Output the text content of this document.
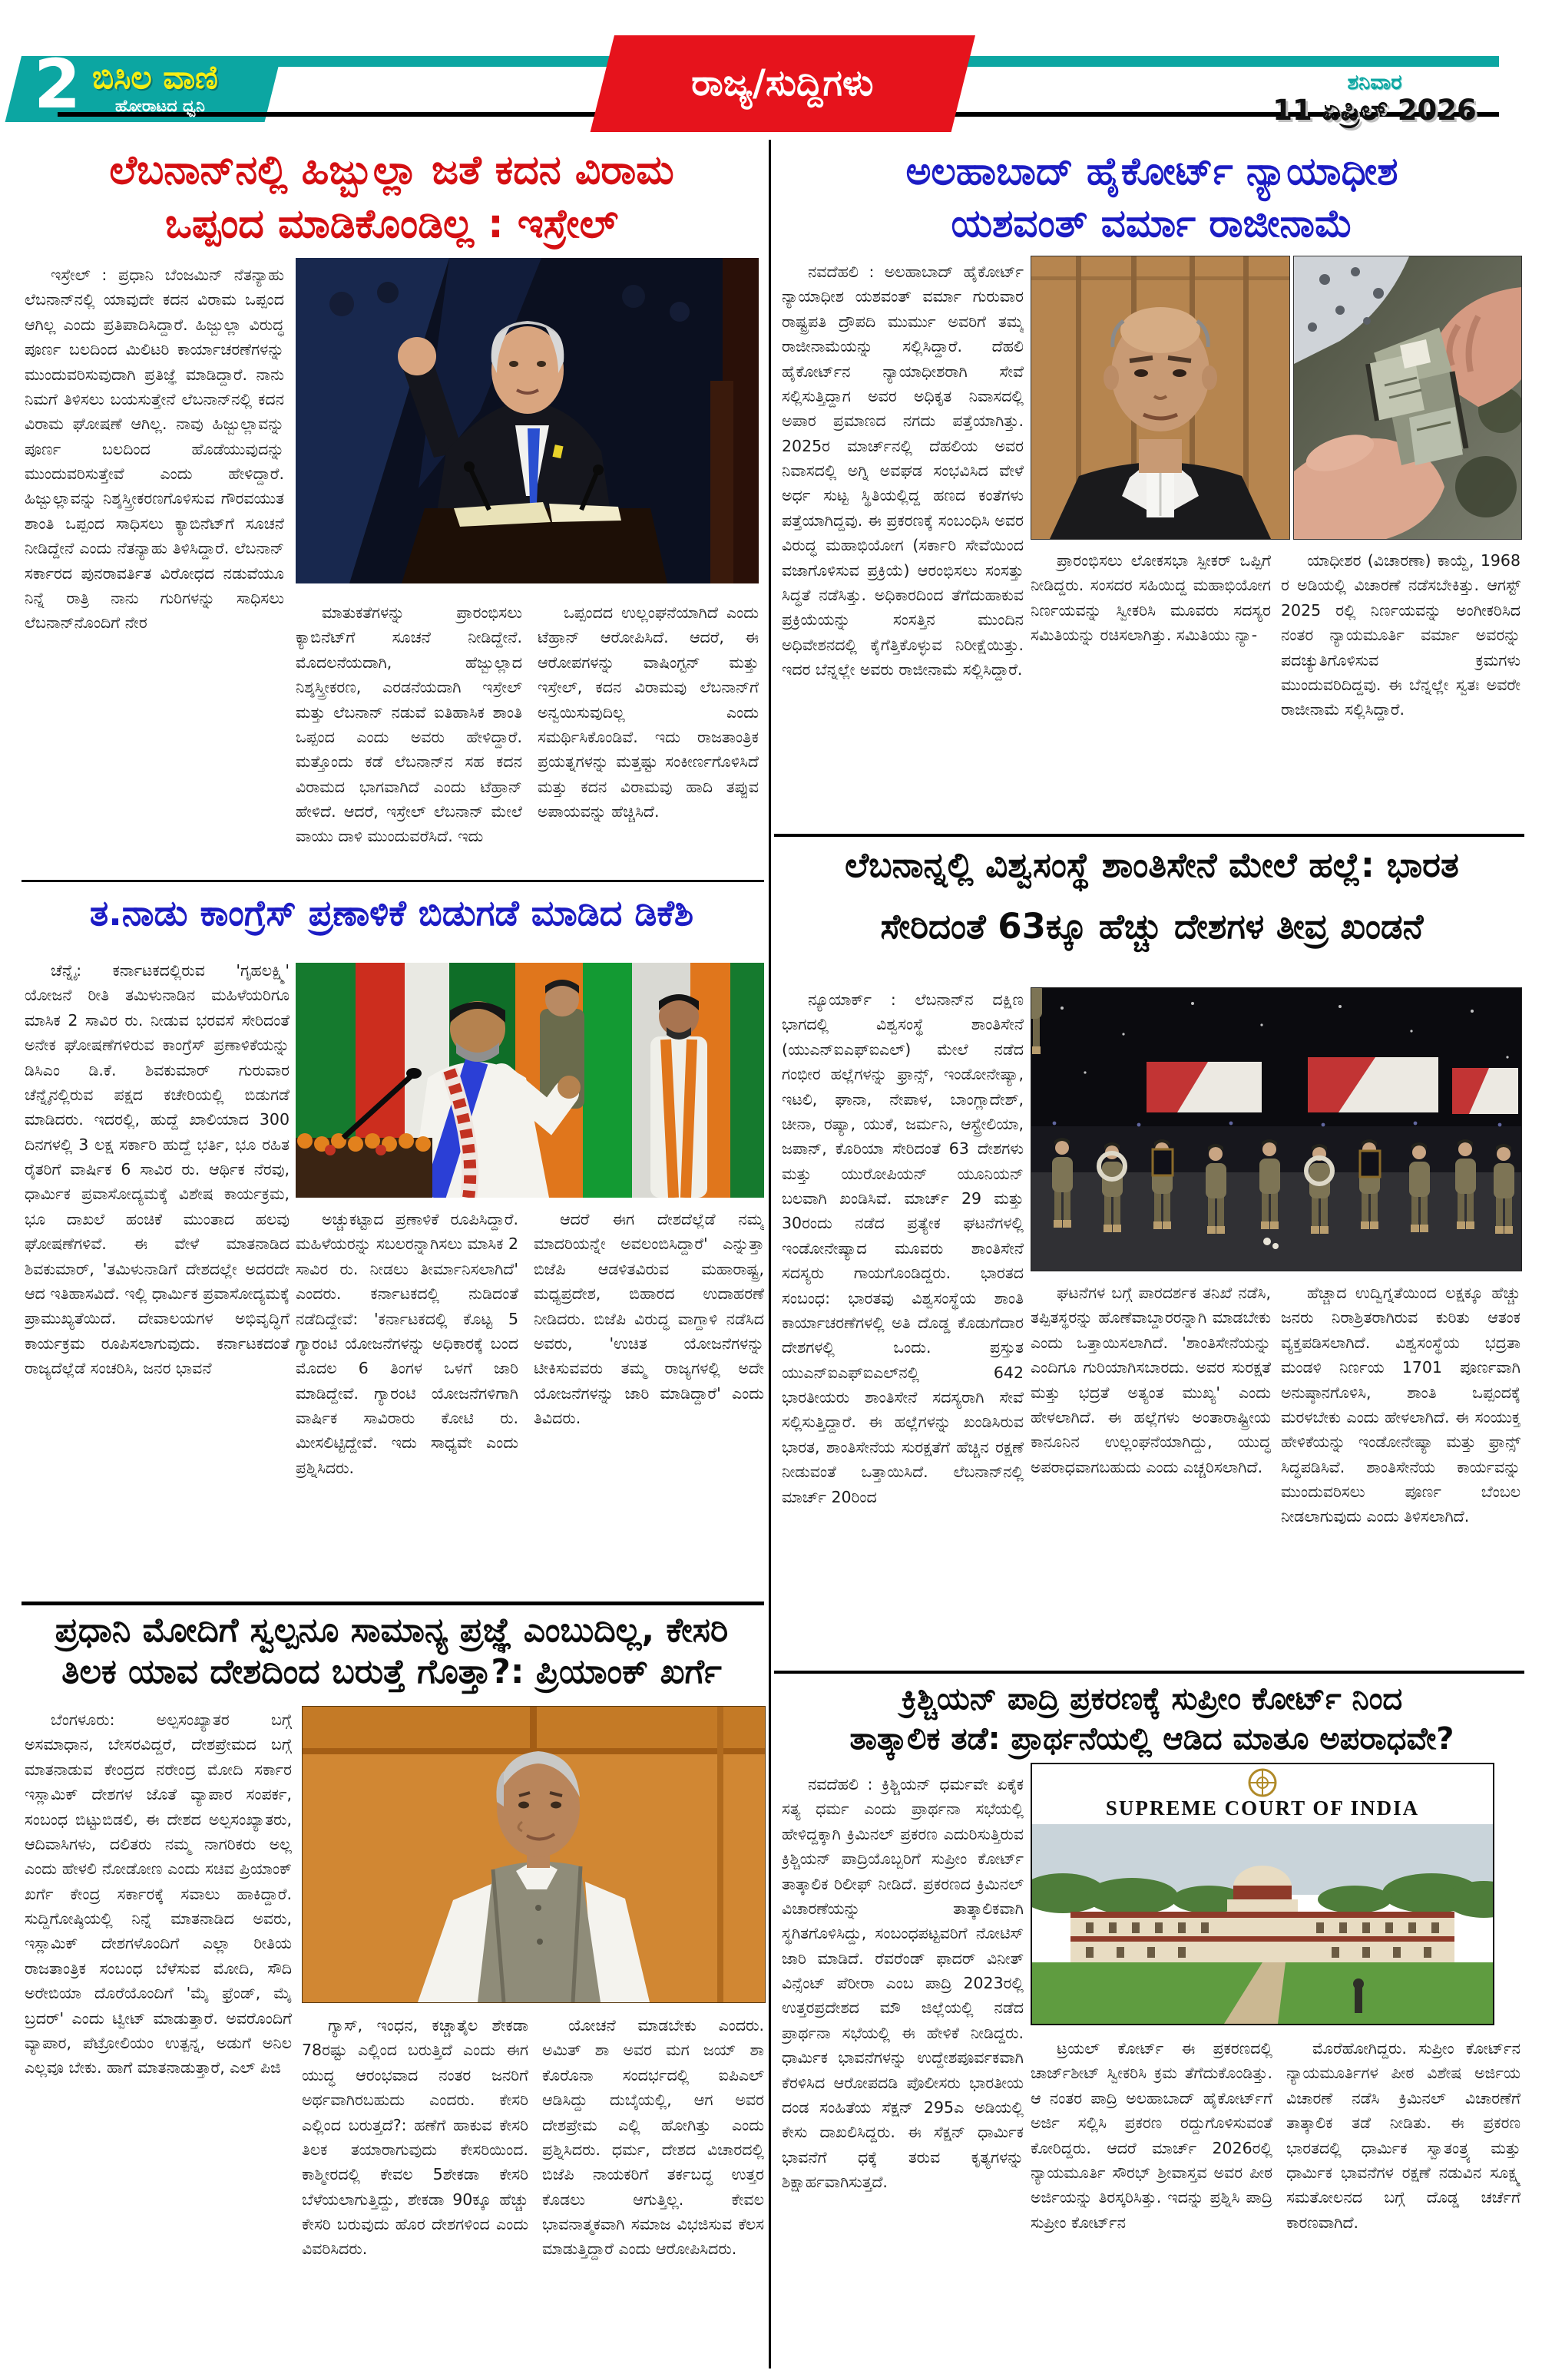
2 ಬಿಸಿಲ ವಾಣಿ
ಹೋರಾಟದ ಧ್ವನಿ
ರಾಜ್ಯ/ಸುದ್ದಿಗಳು	ಶನಿವಾರ
11 ಏಪ್ರಿಲ್ 2026
ಲೆಬನಾನ್‌ನಲ್ಲಿ ಹಿಜ್ಬುಲ್ಲಾ ಜತೆ ಕದನ ವಿರಾಮ
ಒಪ್ಪಂದ ಮಾಡಿಕೊಂಡಿಲ್ಲ : ಇಸ್ರೇಲ್
ಇಸ್ರೇಲ್ : ಪ್ರಧಾನಿ ಬೆಂಜಮಿನ್ ನೆತನ್ಯಾಹು ಲೆಬನಾನ್‌ನಲ್ಲಿ ಯಾವುದೇ ಕದನ ವಿರಾಮ ಒಪ್ಪಂದ ಆಗಿಲ್ಲ ಎಂದು ಪ್ರತಿಪಾದಿಸಿದ್ದಾರೆ. ಹಿಜ್ಬುಲ್ಲಾ ವಿರುದ್ಧ ಪೂರ್ಣ ಬಲದಿಂದ ಮಿಲಿಟರಿ ಕಾರ್ಯಾಚರಣೆಗಳನ್ನು ಮುಂದುವರಿಸುವುದಾಗಿ ಪ್ರತಿಜ್ಞೆ ಮಾಡಿದ್ದಾರೆ. ನಾನು ನಿಮಗೆ ತಿಳಿಸಲು ಬಯಸುತ್ತೇನೆ ಲೆಬನಾನ್‌ನಲ್ಲಿ ಕದನ ವಿರಾಮ ಘೋಷಣೆ ಆಗಿಲ್ಲ. ನಾವು ಹಿಜ್ಬುಲ್ಲಾವನ್ನು ಪೂರ್ಣ ಬಲದಿಂದ ಹೊಡೆಯುವುದನ್ನು ಮುಂದುವರಿಸುತ್ತೇವೆ ಎಂದು ಹೇಳಿದ್ದಾರೆ. ಹಿಜ್ಬುಲ್ಲಾವನ್ನು ನಿಶ್ಶಸ್ತ್ರೀಕರಣಗೊಳಿಸುವ ಗೌರವಯುತ ಶಾಂತಿ ಒಪ್ಪಂದ ಸಾಧಿಸಲು ಕ್ಯಾಬಿನೆಟ್‌ಗೆ ಸೂಚನೆ ನೀಡಿದ್ದೇನೆ ಎಂದು ನೆತನ್ಯಾಹು ತಿಳಿಸಿದ್ದಾರೆ. ಲೆಬನಾನ್ ಸರ್ಕಾರದ ಪುನರಾವರ್ತಿತ ವಿರೋಧದ ನಡುವೆಯೂ ನಿನ್ನೆ ರಾತ್ರಿ ನಾನು ಗುರಿಗಳನ್ನು ಸಾಧಿಸಲು ಲೆಬನಾನ್‌ನೊಂದಿಗೆ ನೇರ
ಮಾತುಕತೆಗಳನ್ನು ಪ್ರಾರಂಭಿಸಲು ಕ್ಯಾಬಿನೆಟ್‌ಗೆ ಸೂಚನೆ ನೀಡಿದ್ದೇನೆ. ಮೊದಲನೆಯದಾಗಿ, ಹೆಜ್ಬುಲ್ಲಾದ ನಿಶ್ಶಸ್ತ್ರೀಕರಣ, ಎರಡನೆಯದಾಗಿ ಇಸ್ರೇಲ್ ಮತ್ತು ಲೆಬನಾನ್ ನಡುವೆ ಐತಿಹಾಸಿಕ ಶಾಂತಿ ಒಪ್ಪಂದ ಎಂದು ಅವರು ಹೇಳಿದ್ದಾರೆ. ಮತ್ತೊಂದು ಕಡೆ ಲೆಬನಾನ್‌ನ ಸಹ ಕದನ ವಿರಾಮದ ಭಾಗವಾಗಿದೆ ಎಂದು ಟೆಹ್ರಾನ್ ಹೇಳಿದೆ. ಆದರೆ, ಇಸ್ರೇಲ್ ಲೆಬನಾನ್ ಮೇಲೆ ವಾಯು ದಾಳಿ ಮುಂದುವರೆಸಿದೆ. ಇದು
ಒಪ್ಪಂದದ ಉಲ್ಲಂಘನೆಯಾಗಿದೆ ಎಂದು ಟೆಹ್ರಾನ್ ಆರೋಪಿಸಿದೆ. ಆದರೆ, ಈ ಆರೋಪಗಳನ್ನು ವಾಷಿಂಗ್ಟನ್ ಮತ್ತು ಇಸ್ರೇಲ್, ಕದನ ವಿರಾಮವು ಲೆಬನಾನ್‌ಗೆ ಅನ್ವಯಿಸುವುದಿಲ್ಲ ಎಂದು ಸಮರ್ಥಿಸಿಕೊಂಡಿವೆ. ಇದು ರಾಜತಾಂತ್ರಿಕ ಪ್ರಯತ್ನಗಳನ್ನು ಮತ್ತಷ್ಟು ಸಂಕೀರ್ಣಗೊಳಿಸಿದೆ ಮತ್ತು ಕದನ ವಿರಾಮವು ಹಾದಿ ತಪ್ಪುವ ಅಪಾಯವನ್ನು ಹೆಚ್ಚಿಸಿದೆ.
ತ.ನಾಡು ಕಾಂಗ್ರೆಸ್ ಪ್ರಣಾಳಿಕೆ ಬಿಡುಗಡೆ ಮಾಡಿದ ಡಿಕೆಶಿ
ಚೆನ್ನೈ: ಕರ್ನಾಟಕದಲ್ಲಿರುವ 'ಗೃಹಲಕ್ಷ್ಮಿ' ಯೋಜನೆ ರೀತಿ ತಮಿಳುನಾಡಿನ ಮಹಿಳೆಯರಿಗೂ ಮಾಸಿಕ 2 ಸಾವಿರ ರು. ನೀಡುವ ಭರವಸೆ ಸೇರಿದಂತೆ ಅನೇಕ ಘೋಷಣೆಗಳಿರುವ ಕಾಂಗ್ರೆಸ್ ಪ್ರಣಾಳಿಕೆಯನ್ನು ಡಿಸಿಎಂ ಡಿ.ಕೆ. ಶಿವಕುಮಾರ್ ಗುರುವಾರ ಚೆನ್ನೈನಲ್ಲಿರುವ ಪಕ್ಷದ ಕಚೇರಿಯಲ್ಲಿ ಬಿಡುಗಡೆ ಮಾಡಿದರು. ಇದರಲ್ಲಿ, ಹುದ್ದೆ ಖಾಲಿಯಾದ 300 ದಿನಗಳಲ್ಲಿ 3 ಲಕ್ಷ ಸರ್ಕಾರಿ ಹುದ್ದೆ ಭರ್ತಿ, ಭೂ ರಹಿತ ರೈತರಿಗೆ ವಾರ್ಷಿಕ 6 ಸಾವಿರ ರು. ಆರ್ಥಿಕ ನೆರವು, ಧಾರ್ಮಿಕ ಪ್ರವಾಸೋದ್ಯಮಕ್ಕೆ ವಿಶೇಷ ಕಾರ್ಯಕ್ರಮ, ಭೂ ದಾಖಲೆ ಹಂಚಿಕೆ ಮುಂತಾದ ಹಲವು ಘೋಷಣೆಗಳಿವೆ. ಈ ವೇಳೆ ಮಾತನಾಡಿದ ಶಿವಕುಮಾರ್, 'ತಮಿಳುನಾಡಿಗೆ ದೇಶದಲ್ಲೇ ಅದರದೇ ಆದ ಇತಿಹಾಸವಿದೆ. ಇಲ್ಲಿ ಧಾರ್ಮಿಕ ಪ್ರವಾಸೋದ್ಯಮಕ್ಕೆ ಪ್ರಾಮುಖ್ಯತೆಯಿದೆ. ದೇವಾಲಯಗಳ ಅಭಿವೃದ್ಧಿಗೆ ಕಾರ್ಯಕ್ರಮ ರೂಪಿಸಲಾಗುವುದು. ಕರ್ನಾಟಕದಂತೆ ರಾಜ್ಯದೆಲ್ಲೆಡೆ ಸಂಚರಿಸಿ, ಜನರ ಭಾವನೆ
ಅಚ್ಚುಕಟ್ಟಾದ ಪ್ರಣಾಳಿಕೆ ರೂಪಿಸಿದ್ದಾರೆ. ಮಹಿಳೆಯರನ್ನು ಸಬಲರನ್ನಾಗಿಸಲು ಮಾಸಿಕ 2 ಸಾವಿರ ರು. ನೀಡಲು ತೀರ್ಮಾನಿಸಲಾಗಿದೆ' ಎಂದರು. ಕರ್ನಾಟಕದಲ್ಲಿ ನುಡಿದಂತೆ ನಡೆದಿದ್ದೇವೆ: 'ಕರ್ನಾಟಕದಲ್ಲಿ ಕೊಟ್ಟ 5 ಗ್ಯಾರಂಟಿ ಯೋಜನೆಗಳನ್ನು ಅಧಿಕಾರಕ್ಕೆ ಬಂದ ಮೊದಲ 6 ತಿಂಗಳ ಒಳಗೆ ಜಾರಿ ಮಾಡಿದ್ದೇವೆ. ಗ್ಯಾರಂಟಿ ಯೋಜನೆಗಳಿಗಾಗಿ ವಾರ್ಷಿಕ ಸಾವಿರಾರು ಕೋಟಿ ರು. ಮೀಸಲಿಟ್ಟಿದ್ದೇವೆ. ಇದು ಸಾಧ್ಯವೇ ಎಂದು ಪ್ರಶ್ನಿಸಿದರು.
ಆದರೆ ಈಗ ದೇಶದೆಲ್ಲೆಡೆ ನಮ್ಮ ಮಾದರಿಯನ್ನೇ ಅವಲಂಬಿಸಿದ್ದಾರೆ' ಎನ್ನುತ್ತಾ ಬಿಜೆಪಿ ಆಡಳಿತವಿರುವ ಮಹಾರಾಷ್ಟ್ರ, ಮಧ್ಯಪ್ರದೇಶ, ಬಿಹಾರದ ಉದಾಹರಣೆ ನೀಡಿದರು. ಬಿಜೆಪಿ ವಿರುದ್ಧ ವಾಗ್ದಾಳಿ ನಡೆಸಿದ ಅವರು, 'ಉಚಿತ ಯೋಜನೆಗಳನ್ನು ಟೀಕಿಸುವವರು ತಮ್ಮ ರಾಜ್ಯಗಳಲ್ಲಿ ಅದೇ ಯೋಜನೆಗಳನ್ನು ಜಾರಿ ಮಾಡಿದ್ದಾರೆ' ಎಂದು ತಿವಿದರು.
ಪ್ರಧಾನಿ ಮೋದಿಗೆ ಸ್ವಲ್ಪನೂ ಸಾಮಾನ್ಯ ಪ್ರಜ್ಞೆ ಎಂಬುದಿಲ್ಲ, ಕೇಸರಿ
ತಿಲಕ ಯಾವ ದೇಶದಿಂದ ಬರುತ್ತೆ ಗೊತ್ತಾ?: ಪ್ರಿಯಾಂಕ್ ಖರ್ಗೆ
ಬೆಂಗಳೂರು: ಅಲ್ಪಸಂಖ್ಯಾತರ ಬಗ್ಗೆ ಅಸಮಾಧಾನ, ಬೇಸರವಿದ್ದರೆ, ದೇಶಪ್ರೇಮದ ಬಗ್ಗೆ ಮಾತನಾಡುವ ಕೇಂದ್ರದ ನರೇಂದ್ರ ಮೋದಿ ಸರ್ಕಾರ ಇಸ್ಲಾಮಿಕ್ ದೇಶಗಳ ಜೊತೆ ವ್ಯಾಪಾರ ಸಂಪರ್ಕ, ಸಂಬಂಧ ಬಿಟ್ಟುಬಿಡಲಿ, ಈ ದೇಶದ ಅಲ್ಪಸಂಖ್ಯಾತರು, ಆದಿವಾಸಿಗಳು, ದಲಿತರು ನಮ್ಮ ನಾಗರಿಕರು ಅಲ್ಲ ಎಂದು ಹೇಳಲಿ ನೋಡೋಣ ಎಂದು ಸಚಿವ ಪ್ರಿಯಾಂಕ್ ಖರ್ಗೆ ಕೇಂದ್ರ ಸರ್ಕಾರಕ್ಕೆ ಸವಾಲು ಹಾಕಿದ್ದಾರೆ. ಸುದ್ದಿಗೋಷ್ಠಿಯಲ್ಲಿ ನಿನ್ನೆ ಮಾತನಾಡಿದ ಅವರು, ಇಸ್ಲಾಮಿಕ್ ದೇಶಗಳೊಂದಿಗೆ ಎಲ್ಲಾ ರೀತಿಯ ರಾಜತಾಂತ್ರಿಕ ಸಂಬಂಧ ಬೆಳೆಸುವ ಮೋದಿ, ಸೌದಿ ಅರೇಬಿಯಾ ದೊರೆಯೊಂದಿಗೆ 'ಮೈ ಫ್ರೆಂಡ್, ಮೈ ಬ್ರದರ್' ಎಂದು ಟ್ವೀಟ್ ಮಾಡುತ್ತಾರೆ. ಅವರೊಂದಿಗೆ ವ್ಯಾಪಾರ, ಪೆಟ್ರೋಲಿಯಂ ಉತ್ಪನ್ನ, ಅಡುಗೆ ಅನಿಲ ಎಲ್ಲವೂ ಬೇಕು. ಹಾಗೆ ಮಾತನಾಡುತ್ತಾರೆ, ಎಲ್ ಪಿಜಿ
ಗ್ಯಾಸ್, ಇಂಧನ, ಕಚ್ಚಾತೈಲ ಶೇಕಡಾ 78ರಷ್ಟು ಎಲ್ಲಿಂದ ಬರುತ್ತಿದೆ ಎಂದು ಈಗ ಯುದ್ಧ ಆರಂಭವಾದ ನಂತರ ಜನರಿಗೆ ಅರ್ಥವಾಗಿರಬಹುದು ಎಂದರು. ಕೇಸರಿ ಎಲ್ಲಿಂದ ಬರುತ್ತದೆ?: ಹಣೆಗೆ ಹಾಕುವ ಕೇಸರಿ ತಿಲಕ ತಯಾರಾಗುವುದು ಕೇಸರಿಯಿಂದ. ಕಾಶ್ಮೀರದಲ್ಲಿ ಕೇವಲ 5ಶೇಕಡಾ ಕೇಸರಿ ಬೆಳೆಯಲಾಗುತ್ತಿದ್ದು, ಶೇಕಡಾ 90ಕ್ಕೂ ಹೆಚ್ಚು ಕೇಸರಿ ಬರುವುದು ಹೊರ ದೇಶಗಳಿಂದ ಎಂದು ವಿವರಿಸಿದರು.
ಯೋಚನೆ ಮಾಡಬೇಕು ಎಂದರು. ಅಮಿತ್ ಶಾ ಅವರ ಮಗ ಜಯ್ ಶಾ ಕೊರೊನಾ ಸಂದರ್ಭದಲ್ಲಿ ಐಪಿಎಲ್ ಆಡಿಸಿದ್ದು ದುಬೈಯಲ್ಲಿ, ಆಗ ಅವರ ದೇಶಪ್ರೇಮ ಎಲ್ಲಿ ಹೋಗಿತ್ತು ಎಂದು ಪ್ರಶ್ನಿಸಿದರು. ಧರ್ಮ, ದೇಶದ ವಿಚಾರದಲ್ಲಿ ಬಿಜೆಪಿ ನಾಯಕರಿಗೆ ತರ್ಕಬದ್ಧ ಉತ್ತರ ಕೊಡಲು ಆಗುತ್ತಿಲ್ಲ. ಕೇವಲ ಭಾವನಾತ್ಮಕವಾಗಿ ಸಮಾಜ ವಿಭಜಿಸುವ ಕೆಲಸ ಮಾಡುತ್ತಿದ್ದಾರೆ ಎಂದು ಆರೋಪಿಸಿದರು.
ಅಲಹಾಬಾದ್ ಹೈಕೋರ್ಟ್ ನ್ಯಾಯಾಧೀಶ
ಯಶವಂತ್ ವರ್ಮಾ ರಾಜೀನಾಮೆ
ನವದೆಹಲಿ : ಅಲಹಾಬಾದ್ ಹೈಕೋರ್ಟ್ ನ್ಯಾಯಾಧೀಶ ಯಶವಂತ್ ವರ್ಮಾ ಗುರುವಾರ ರಾಷ್ಟ್ರಪತಿ ದ್ರೌಪದಿ ಮುರ್ಮು ಅವರಿಗೆ ತಮ್ಮ ರಾಜೀನಾಮೆಯನ್ನು ಸಲ್ಲಿಸಿದ್ದಾರೆ. ದೆಹಲಿ ಹೈಕೋರ್ಟ್‌ನ ನ್ಯಾಯಾಧೀಶರಾಗಿ ಸೇವೆ ಸಲ್ಲಿಸುತ್ತಿದ್ದಾಗ ಅವರ ಅಧಿಕೃತ ನಿವಾಸದಲ್ಲಿ ಅಪಾರ ಪ್ರಮಾಣದ ನಗದು ಪತ್ತೆಯಾಗಿತ್ತು. 2025ರ ಮಾರ್ಚ್‌ನಲ್ಲಿ ದೆಹಲಿಯ ಅವರ ನಿವಾಸದಲ್ಲಿ ಅಗ್ನಿ ಅವಘಡ ಸಂಭವಿಸಿದ ವೇಳೆ ಅರ್ಧ ಸುಟ್ಟ ಸ್ಥಿತಿಯಲ್ಲಿದ್ದ ಹಣದ ಕಂತೆಗಳು ಪತ್ತೆಯಾಗಿದ್ದವು. ಈ ಪ್ರಕರಣಕ್ಕೆ ಸಂಬಂಧಿಸಿ ಅವರ ವಿರುದ್ಧ ಮಹಾಭಿಯೋಗ (ಸರ್ಕಾರಿ ಸೇವೆಯಿಂದ ವಜಾಗೊಳಿಸುವ ಪ್ರಕ್ರಿಯೆ) ಆರಂಭಿಸಲು ಸಂಸತ್ತು ಸಿದ್ಧತೆ ನಡೆಸಿತ್ತು. ಅಧಿಕಾರದಿಂದ ತೆಗೆದುಹಾಕುವ ಪ್ರಕ್ರಿಯೆಯನ್ನು ಸಂಸತ್ತಿನ ಮುಂದಿನ ಅಧಿವೇಶನದಲ್ಲಿ ಕೈಗೆತ್ತಿಕೊಳ್ಳುವ ನಿರೀಕ್ಷೆಯಿತ್ತು. ಇದರ ಬೆನ್ನಲ್ಲೇ ಅವರು ರಾಜೀನಾಮೆ ಸಲ್ಲಿಸಿದ್ದಾರೆ.
ಪ್ರಾರಂಭಿಸಲು ಲೋಕಸಭಾ ಸ್ಪೀಕರ್ ಒಪ್ಪಿಗೆ ನೀಡಿದ್ದರು. ಸಂಸದರ ಸಹಿಯಿದ್ದ ಮಹಾಭಿಯೋಗ ನಿರ್ಣಯವನ್ನು ಸ್ವೀಕರಿಸಿ ಮೂವರು ಸದಸ್ಯರ ಸಮಿತಿಯನ್ನು ರಚಿಸಲಾಗಿತ್ತು. ಸಮಿತಿಯು ನ್ಯಾ-
ಯಾಧೀಶರ (ವಿಚಾರಣಾ) ಕಾಯ್ದೆ, 1968 ರ ಅಡಿಯಲ್ಲಿ ವಿಚಾರಣೆ ನಡೆಸಬೇಕಿತ್ತು. ಆಗಸ್ಟ್ 2025 ರಲ್ಲಿ ನಿರ್ಣಯವನ್ನು ಅಂಗೀಕರಿಸಿದ ನಂತರ ನ್ಯಾಯಮೂರ್ತಿ ವರ್ಮಾ ಅವರನ್ನು ಪದಚ್ಯುತಿಗೊಳಿಸುವ ಕ್ರಮಗಳು ಮುಂದುವರಿದಿದ್ದವು. ಈ ಬೆನ್ನಲ್ಲೇ ಸ್ವತಃ ಅವರೇ ರಾಜೀನಾಮೆ ಸಲ್ಲಿಸಿದ್ದಾರೆ.
ಲೆಬನಾನ್ನಲ್ಲಿ ವಿಶ್ವಸಂಸ್ಥೆ ಶಾಂತಿಸೇನೆ ಮೇಲೆ ಹಲ್ಲೆ: ಭಾರತ
ಸೇರಿದಂತೆ 63ಕ್ಕೂ ಹೆಚ್ಚು ದೇಶಗಳ ತೀವ್ರ ಖಂಡನೆ
ನ್ಯೂಯಾರ್ಕ್ : ಲೆಬನಾನ್‌ನ ದಕ್ಷಿಣ ಭಾಗದಲ್ಲಿ ವಿಶ್ವಸಂಸ್ಥೆ ಶಾಂತಿಸೇನೆ (ಯುಎನ್‌ಐಎಫ್‌ಐಎಲ್) ಮೇಲೆ ನಡೆದ ಗಂಭೀರ ಹಲ್ಲೆಗಳನ್ನು ಫ್ರಾನ್ಸ್, ಇಂಡೋನೇಷ್ಯಾ, ಇಟಲಿ, ಘಾನಾ, ನೇಪಾಳ, ಬಾಂಗ್ಲಾದೇಶ್, ಚೀನಾ, ರಷ್ಯಾ, ಯುಕೆ, ಜರ್ಮನಿ, ಆಸ್ಟ್ರೇಲಿಯಾ, ಜಪಾನ್, ಕೊರಿಯಾ ಸೇರಿದಂತೆ 63 ದೇಶಗಳು ಮತ್ತು ಯುರೋಪಿಯನ್ ಯೂನಿಯನ್ ಬಲವಾಗಿ ಖಂಡಿಸಿವೆ. ಮಾರ್ಚ್ 29 ಮತ್ತು 30ರಂದು ನಡೆದ ಪ್ರತ್ಯೇಕ ಘಟನೆಗಳಲ್ಲಿ ಇಂಡೋನೇಷ್ಯಾದ ಮೂವರು ಶಾಂತಿಸೇನೆ ಸದಸ್ಯರು ಗಾಯಗೊಂಡಿದ್ದರು. ಭಾರತದ ಸಂಬಂಧ: ಭಾರತವು ವಿಶ್ವಸಂಸ್ಥೆಯ ಶಾಂತಿ ಕಾರ್ಯಾಚರಣೆಗಳಲ್ಲಿ ಅತಿ ದೊಡ್ಡ ಕೊಡುಗೆದಾರ ದೇಶಗಳಲ್ಲಿ ಒಂದು. ಪ್ರಸ್ತುತ ಯುಎನ್‌ಐಎಫ್‌ಐಎಲ್‌ನಲ್ಲಿ 642 ಭಾರತೀಯರು ಶಾಂತಿಸೇನೆ ಸದಸ್ಯರಾಗಿ ಸೇವೆ ಸಲ್ಲಿಸುತ್ತಿದ್ದಾರೆ. ಈ ಹಲ್ಲೆಗಳನ್ನು ಖಂಡಿಸಿರುವ ಭಾರತ, ಶಾಂತಿಸೇನೆಯ ಸುರಕ್ಷತೆಗೆ ಹೆಚ್ಚಿನ ರಕ್ಷಣೆ ನೀಡುವಂತೆ ಒತ್ತಾಯಿಸಿದೆ. ಲೆಬನಾನ್‌ನಲ್ಲಿ ಮಾರ್ಚ್ 20ರಿಂದ
ಘಟನೆಗಳ ಬಗ್ಗೆ ಪಾರದರ್ಶಕ ತನಿಖೆ ನಡೆಸಿ, ತಪ್ಪಿತಸ್ಥರನ್ನು ಹೊಣೆವಾಬ್ದಾರರನ್ನಾಗಿ ಮಾಡಬೇಕು ಎಂದು ಒತ್ತಾಯಿಸಲಾಗಿದೆ. 'ಶಾಂತಿಸೇನೆಯನ್ನು ಎಂದಿಗೂ ಗುರಿಯಾಗಿಸಬಾರದು. ಅವರ ಸುರಕ್ಷತೆ ಮತ್ತು ಭದ್ರತೆ ಅತ್ಯಂತ ಮುಖ್ಯ' ಎಂದು ಹೇಳಲಾಗಿದೆ. ಈ ಹಲ್ಲೆಗಳು ಅಂತಾರಾಷ್ಟ್ರೀಯ ಕಾನೂನಿನ ಉಲ್ಲಂಘನೆಯಾಗಿದ್ದು, ಯುದ್ಧ ಅಪರಾಧವಾಗಬಹುದು ಎಂದು ಎಚ್ಚರಿಸಲಾಗಿದೆ.
ಹೆಚ್ಚಾದ ಉದ್ವಿಗ್ನತೆಯಿಂದ ಲಕ್ಷಕ್ಕೂ ಹೆಚ್ಚು ಜನರು ನಿರಾಶ್ರಿತರಾಗಿರುವ ಕುರಿತು ಆತಂಕ ವ್ಯಕ್ತಪಡಿಸಲಾಗಿದೆ. ವಿಶ್ವಸಂಸ್ಥೆಯ ಭದ್ರತಾ ಮಂಡಳಿ ನಿರ್ಣಯ 1701 ಪೂರ್ಣವಾಗಿ ಅನುಷ್ಠಾನಗೊಳಿಸಿ, ಶಾಂತಿ ಒಪ್ಪಂದಕ್ಕೆ ಮರಳಬೇಕು ಎಂದು ಹೇಳಲಾಗಿದೆ. ಈ ಸಂಯುಕ್ತ ಹೇಳಿಕೆಯನ್ನು ಇಂಡೋನೇಷ್ಯಾ ಮತ್ತು ಫ್ರಾನ್ಸ್ ಸಿದ್ಧಪಡಿಸಿವೆ. ಶಾಂತಿಸೇನೆಯ ಕಾರ್ಯವನ್ನು ಮುಂದುವರಿಸಲು ಪೂರ್ಣ ಬೆಂಬಲ ನೀಡಲಾಗುವುದು ಎಂದು ತಿಳಿಸಲಾಗಿದೆ.
ಕ್ರಿಶ್ಚಿಯನ್ ಪಾದ್ರಿ ಪ್ರಕರಣಕ್ಕೆ ಸುಪ್ರೀಂ ಕೋರ್ಟ್ ನಿಂದ
ತಾತ್ಕಾಲಿಕ ತಡೆ: ಪ್ರಾರ್ಥನೆಯಲ್ಲಿ ಆಡಿದ ಮಾತೂ ಅಪರಾಧವೇ?
ನವದೆಹಲಿ : ಕ್ರಿಶ್ಚಿಯನ್ ಧರ್ಮವೇ ಏಕೈಕ ಸತ್ಯ ಧರ್ಮ ಎಂದು ಪ್ರಾರ್ಥನಾ ಸಭೆಯಲ್ಲಿ ಹೇಳಿದ್ದಕ್ಕಾಗಿ ಕ್ರಿಮಿನಲ್ ಪ್ರಕರಣ ಎದುರಿಸುತ್ತಿರುವ ಕ್ರಿಶ್ಚಿಯನ್ ಪಾದ್ರಿಯೊಬ್ಬರಿಗೆ ಸುಪ್ರೀಂ ಕೋರ್ಟ್ ತಾತ್ಕಾಲಿಕ ರಿಲೀಫ್ ನೀಡಿದೆ. ಪ್ರಕರಣದ ಕ್ರಿಮಿನಲ್ ವಿಚಾರಣೆಯನ್ನು ತಾತ್ಕಾಲಿಕವಾಗಿ ಸ್ಥಗಿತಗೊಳಿಸಿದ್ದು, ಸಂಬಂಧಪಟ್ಟವರಿಗೆ ನೋಟಿಸ್ ಜಾರಿ ಮಾಡಿದೆ. ರೆವರೆಂಡ್ ಫಾದರ್ ವಿನೀತ್ ವಿನ್ಸೆಂಟ್ ಪೆರೀರಾ ಎಂಬ ಪಾದ್ರಿ 2023ರಲ್ಲಿ ಉತ್ತರಪ್ರದೇಶದ ಮೌ ಜಿಲ್ಲೆಯಲ್ಲಿ ನಡೆದ ಪ್ರಾರ್ಥನಾ ಸಭೆಯಲ್ಲಿ ಈ ಹೇಳಿಕೆ ನೀಡಿದ್ದರು. ಧಾರ್ಮಿಕ ಭಾವನೆಗಳನ್ನು ಉದ್ದೇಶಪೂರ್ವಕವಾಗಿ ಕೆರಳಿಸಿದ ಆರೋಪದಡಿ ಪೊಲೀಸರು ಭಾರತೀಯ ದಂಡ ಸಂಹಿತೆಯ ಸೆಕ್ಷನ್ 295ಎ ಅಡಿಯಲ್ಲಿ ಕೇಸು ದಾಖಲಿಸಿದ್ದರು. ಈ ಸೆಕ್ಷನ್ ಧಾರ್ಮಿಕ ಭಾವನೆಗೆ ಧಕ್ಕೆ ತರುವ ಕೃತ್ಯಗಳನ್ನು ಶಿಕ್ಷಾರ್ಹವಾಗಿಸುತ್ತದೆ.
SUPREME COURT OF INDIA
ಟ್ರಯಲ್ ಕೋರ್ಟ್ ಈ ಪ್ರಕರಣದಲ್ಲಿ ಚಾರ್ಜ್‌ಶೀಟ್ ಸ್ವೀಕರಿಸಿ ಕ್ರಮ ತೆಗೆದುಕೊಂಡಿತ್ತು. ಆ ನಂತರ ಪಾದ್ರಿ ಅಲಹಾಬಾದ್ ಹೈಕೋರ್ಟ್‌ಗೆ ಅರ್ಜಿ ಸಲ್ಲಿಸಿ ಪ್ರಕರಣ ರದ್ದುಗೊಳಿಸುವಂತೆ ಕೋರಿದ್ದರು. ಆದರೆ ಮಾರ್ಚ್ 2026ರಲ್ಲಿ ನ್ಯಾಯಮೂರ್ತಿ ಸೌರಭ್ ಶ್ರೀವಾಸ್ತವ ಅವರ ಪೀಠ ಅರ್ಜಿಯನ್ನು ತಿರಸ್ಕರಿಸಿತ್ತು. ಇದನ್ನು ಪ್ರಶ್ನಿಸಿ ಪಾದ್ರಿ ಸುಪ್ರೀಂ ಕೋರ್ಟ್‌ನ
ಮೊರೆಹೋಗಿದ್ದರು. ಸುಪ್ರೀಂ ಕೋರ್ಟ್‌ನ ನ್ಯಾಯಮೂರ್ತಿಗಳ ಪೀಠ ವಿಶೇಷ ಅರ್ಜಿಯ ವಿಚಾರಣೆ ನಡೆಸಿ ಕ್ರಿಮಿನಲ್ ವಿಚಾರಣೆಗೆ ತಾತ್ಕಾಲಿಕ ತಡೆ ನೀಡಿತು. ಈ ಪ್ರಕರಣ ಭಾರತದಲ್ಲಿ ಧಾರ್ಮಿಕ ಸ್ವಾತಂತ್ರ್ಯ ಮತ್ತು ಧಾರ್ಮಿಕ ಭಾವನೆಗಳ ರಕ್ಷಣೆ ನಡುವಿನ ಸೂಕ್ಷ್ಮ ಸಮತೋಲನದ ಬಗ್ಗೆ ದೊಡ್ಡ ಚರ್ಚೆಗೆ ಕಾರಣವಾಗಿದೆ.
